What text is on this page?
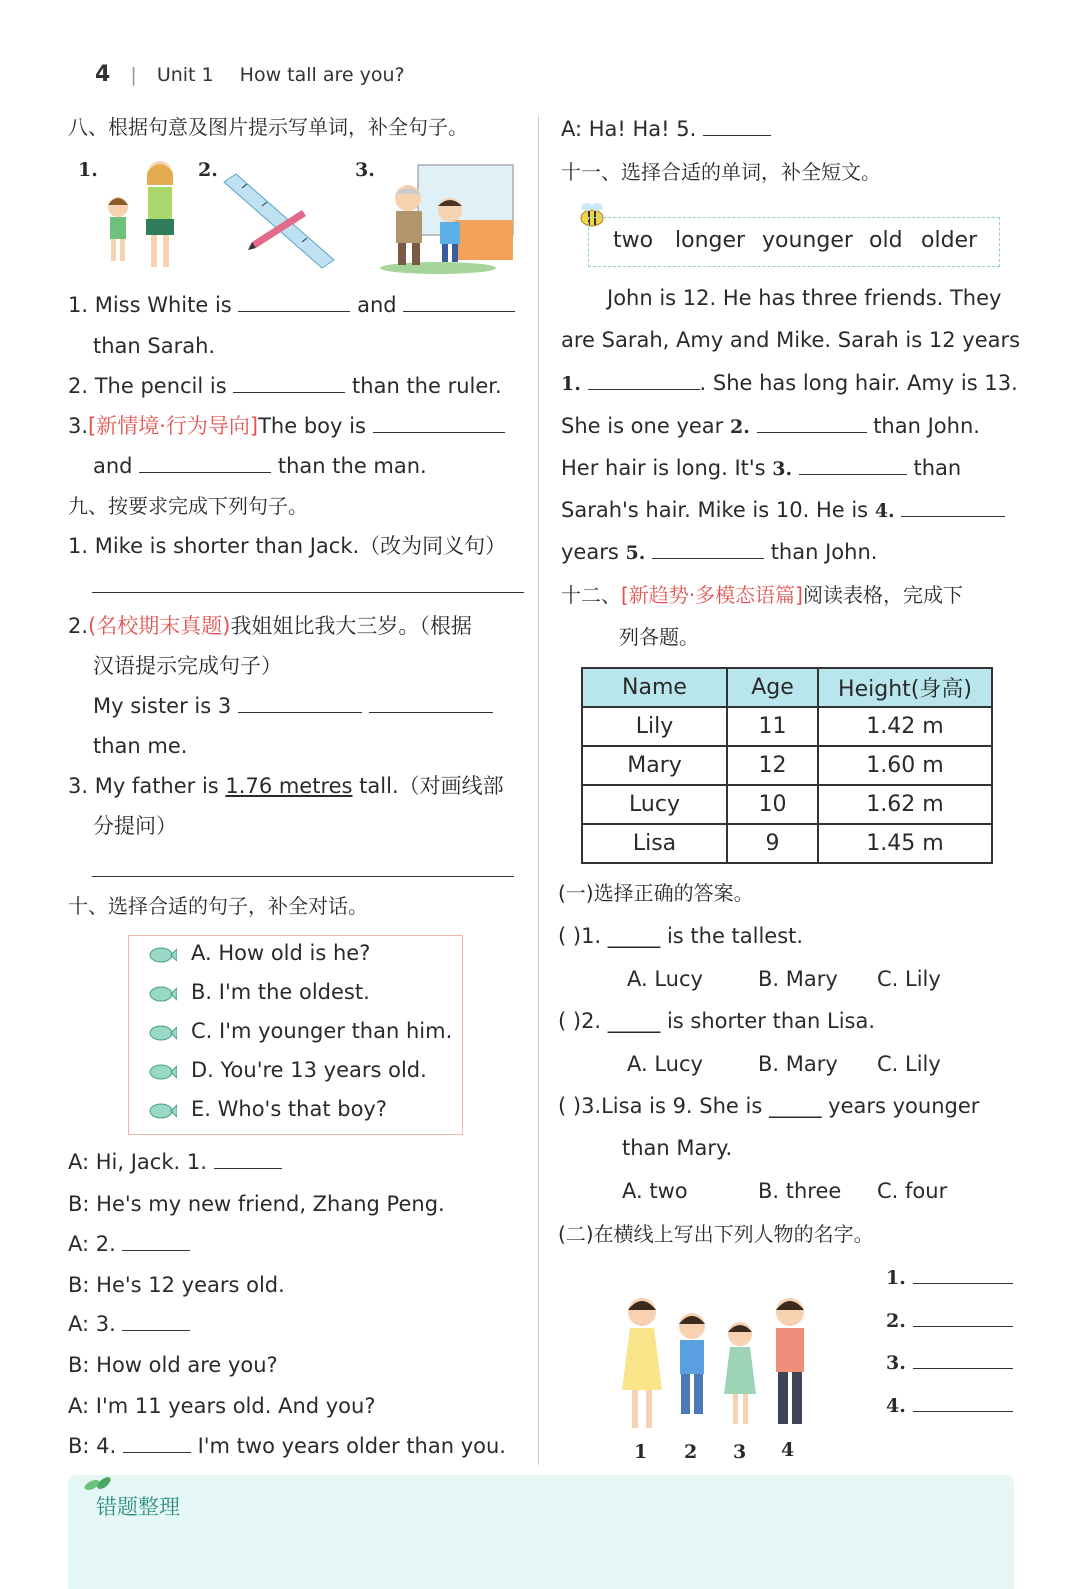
4 | Unit 1 How tall are you?
八、根据句意及图片提示写单词，补全句子。
1.	2.	3.
1. Miss White is	and
than Sarah.
2. The pencil is	than the ruler.
3.[新情境·行为导向]The boy is
and	than the man.
九、按要求完成下列句子。
1. Mike is shorter than Jack.（改为同义句）
2.(名校期末真题)我姐姐比我大三岁。（根据
汉语提示完成句子）
My sister is 3
than me.
3. My father is 1.76 metres tall.（对画线部
分提问）
十、选择合适的句子，补全对话。
A. How old is he?
B. I'm the oldest.
C. I'm younger than him.
D. You're 13 years old.
E. Who's that boy?
A: Hi, Jack. 1.
B: He's my new friend, Zhang Peng.
A: 2.
B: He's 12 years old.
A: 3.
B: How old are you?
A: I'm 11 years old. And you?
B: 4.	I'm two years older than you.
A: Ha! Ha! 5.
十一、选择合适的单词，补全短文。
two longer younger old older
John is 12. He has three friends. They
are Sarah, Amy and Mike. Sarah is 12 years
1.	. She has long hair. Amy is 13.
She is one year 2.	than John.
Her hair is long. It's 3.	than
Sarah's hair. Mike is 10. He is 4.
years 5.	than John.
十二、[新趋势·多模态语篇]阅读表格，完成下
列各题。
Name	Age	Height(身高)
Lily	11	1.42 m
Mary	12	1.60 m
Lucy	10	1.62 m
Lisa	9	1.45 m
(一)选择正确的答案。
( )1. _____ is the tallest.
A. Lucy	B. Mary C. Lily
( )2. _____ is shorter than Lisa.
A. Lucy	B. Mary C. Lily
( )3.Lisa is 9. She is _____ years younger
than Mary.
A. two	B. three C. four
(二)在横线上写出下列人物的名字。
1 2 3 4
1.
2.
3.
4.
错题整理
